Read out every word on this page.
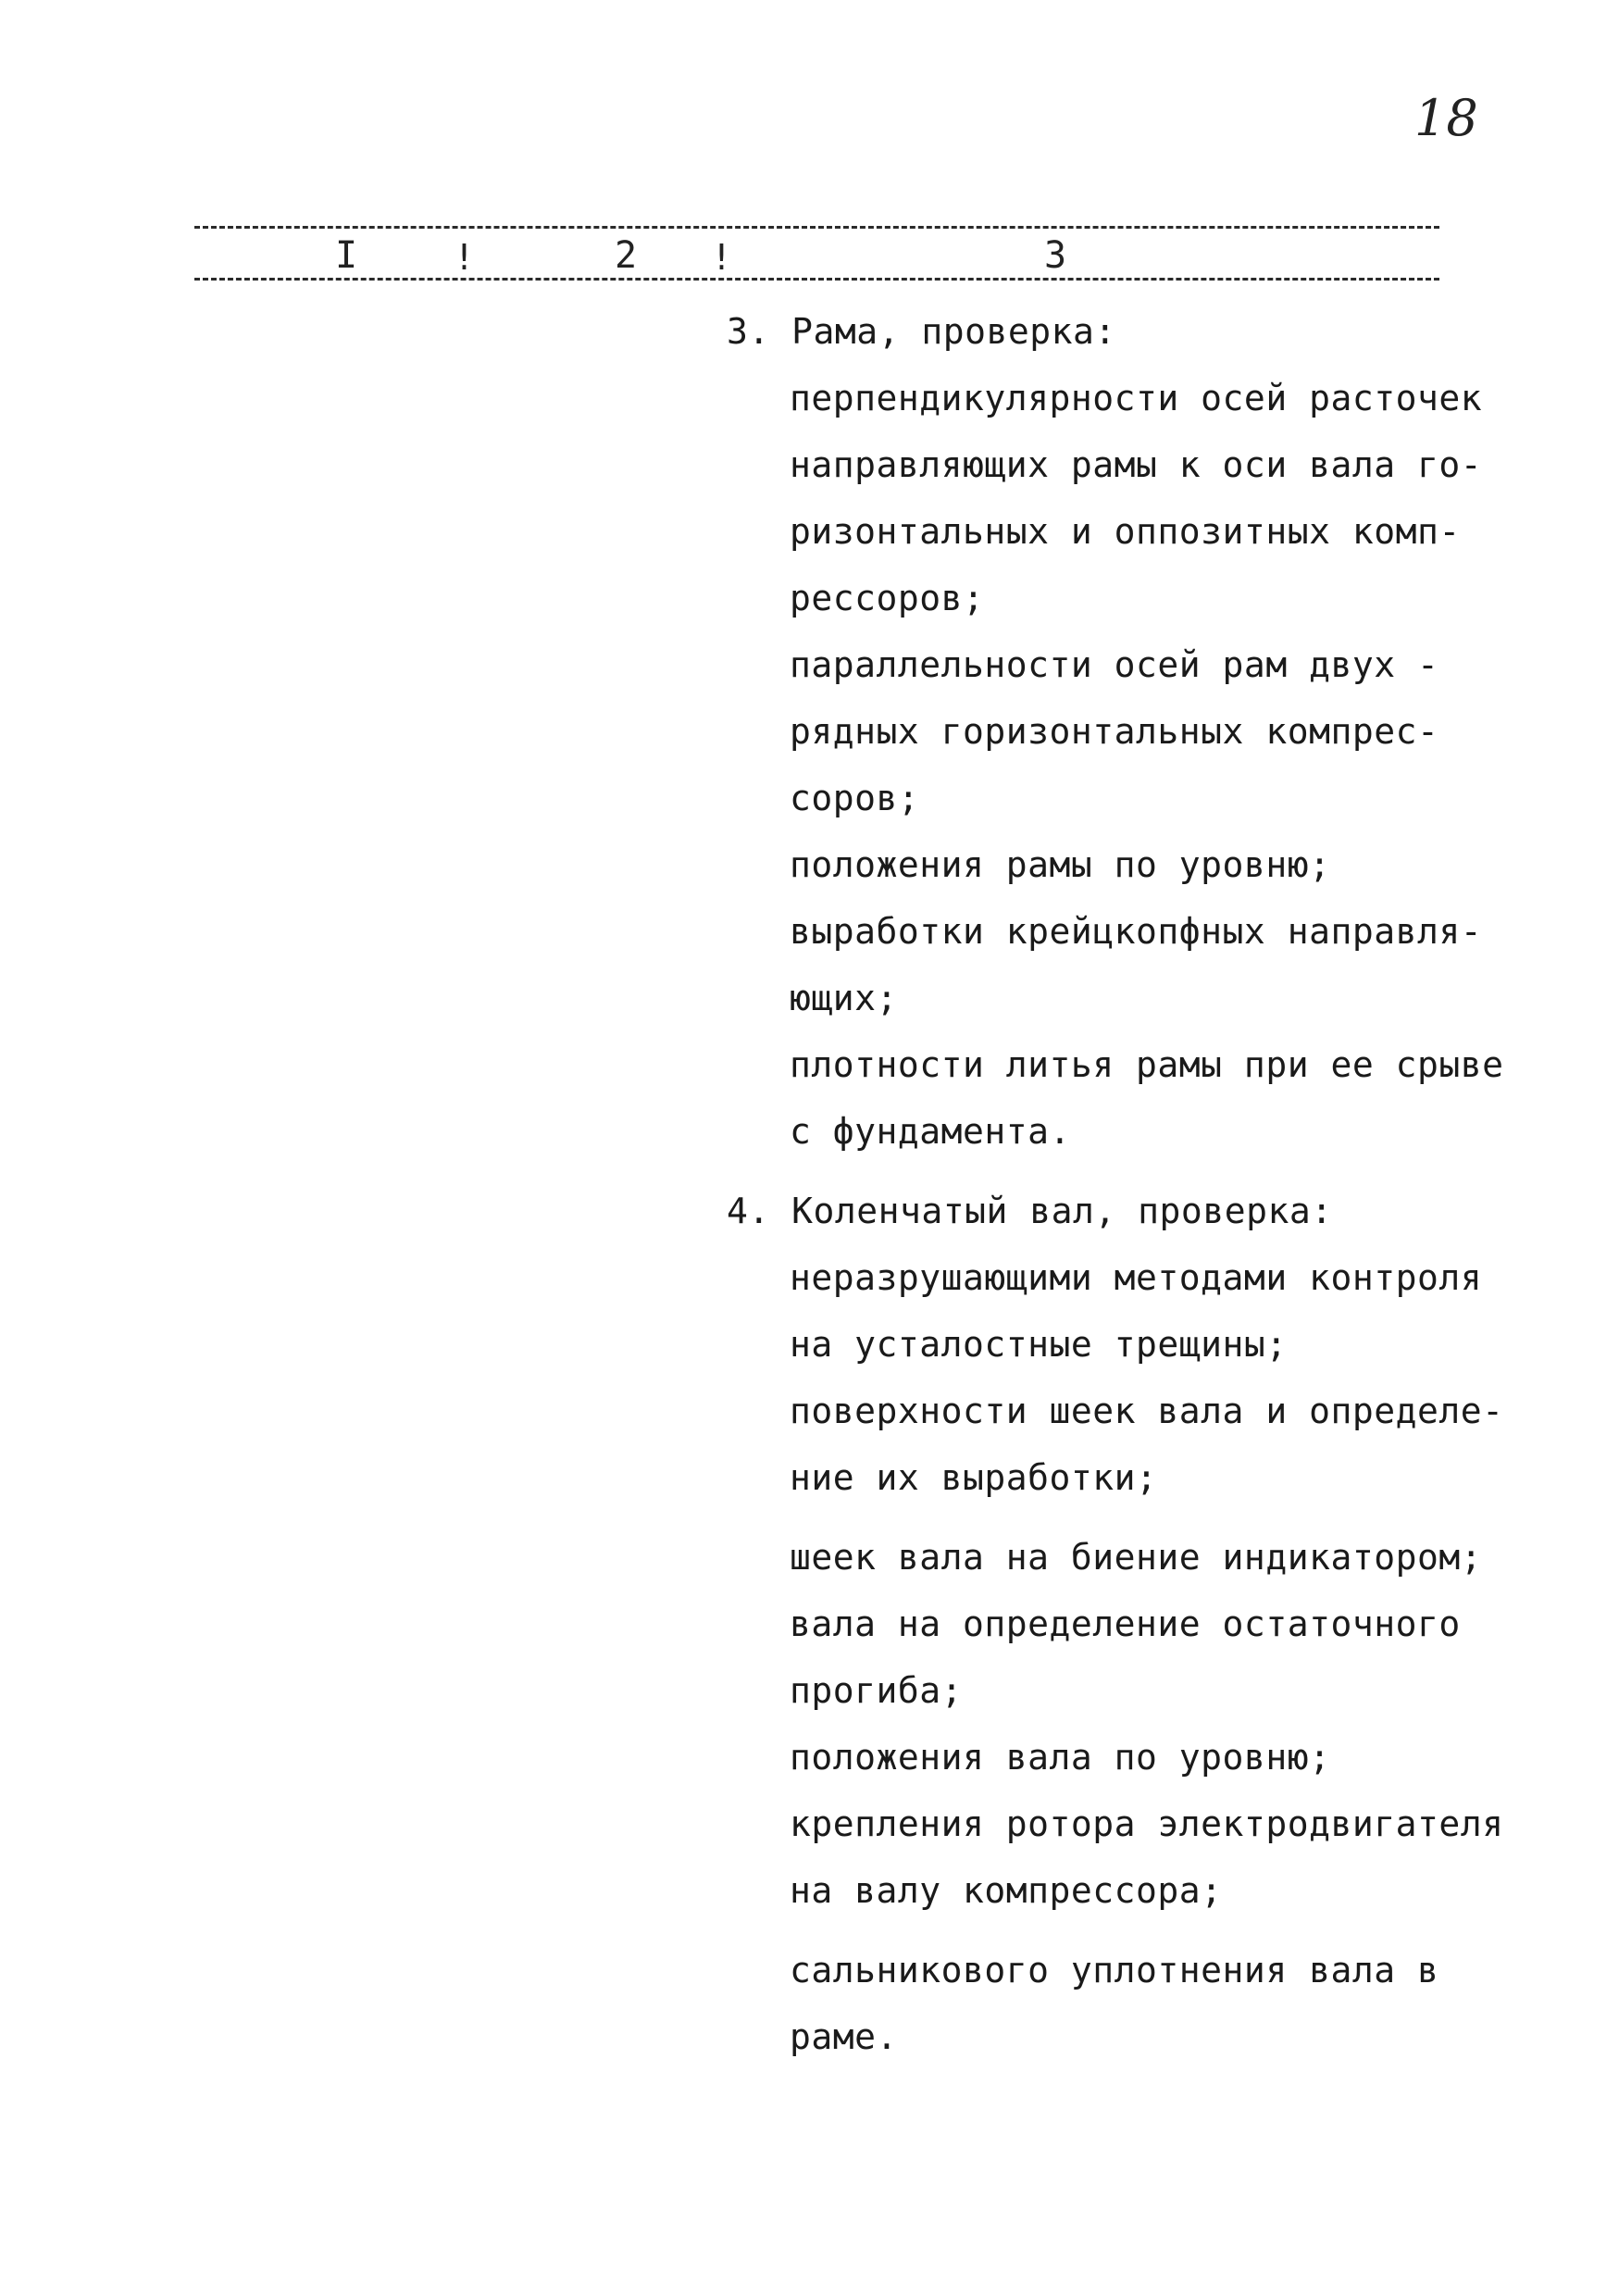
18
I	!	2 !	3
3. Рама, проверка:
перпендикулярности осей расточек
направляющих рамы к оси вала го-
ризонтальных и оппозитных комп-
рессоров;
параллельности осей рам двух -
рядных горизонтальных компрес-
соров;
положения рамы по уровню;
выработки крейцкопфных направля-
ющих;
плотности литья рамы при ее срыве
с фундамента.
4. Коленчатый вал, проверка:
неразрушающими методами контроля
на усталостные трещины;
поверхности шеек вала и определе-
ние их выработки;
шеек вала на биение индикатором;
вала на определение остаточного
прогиба;
положения вала по уровню;
крепления ротора электродвигателя
на валу компрессора;
сальникового уплотнения вала в
раме.
